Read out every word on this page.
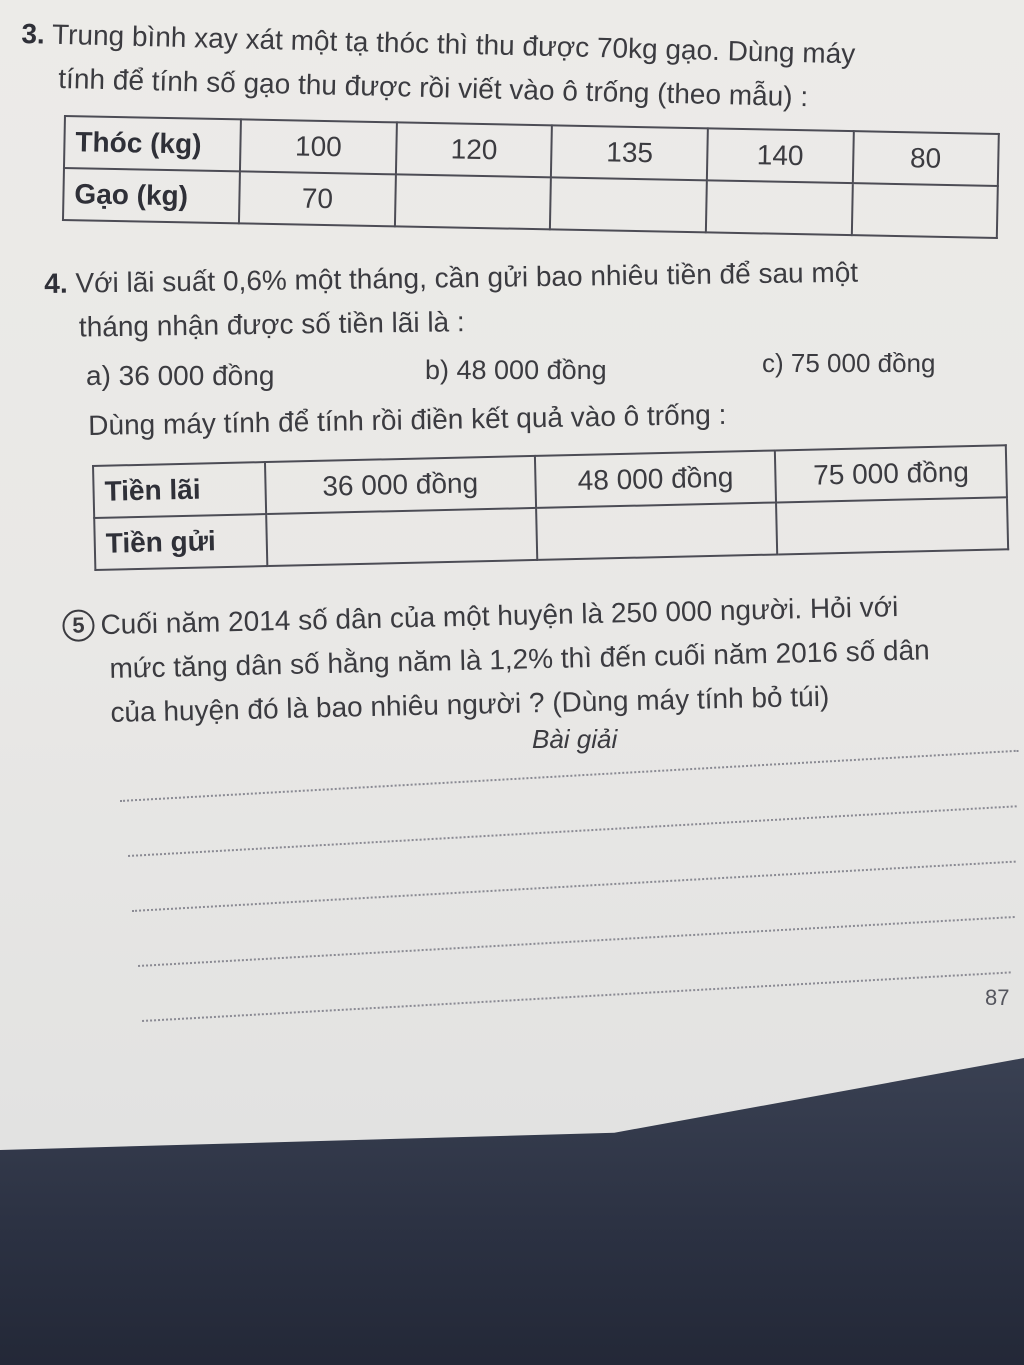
3. Trung bình xay xát một tạ thóc thì thu được 70kg gạo. Dùng máy
tính để tính số gạo thu được rồi viết vào ô trống (theo mẫu) :
Thóc (kg)	100	120	135	140	80
Gạo (kg)	70				
4. Với lãi suất 0,6% một tháng, cần gửi bao nhiêu tiền để sau một
tháng nhận được số tiền lãi là :
a) 36 000 đồng	b) 48 000 đồng	c) 75 000 đồng
Dùng máy tính để tính rồi điền kết quả vào ô trống :
Tiền lãi	36 000 đồng	48 000 đồng	75 000 đồng
Tiền gửi			
5 Cuối năm 2014 số dân của một huyện là 250 000 người. Hỏi với
mức tăng dân số hằng năm là 1,2% thì đến cuối năm 2016 số dân
của huyện đó là bao nhiêu người ? (Dùng máy tính bỏ túi)
Bài giải
87
